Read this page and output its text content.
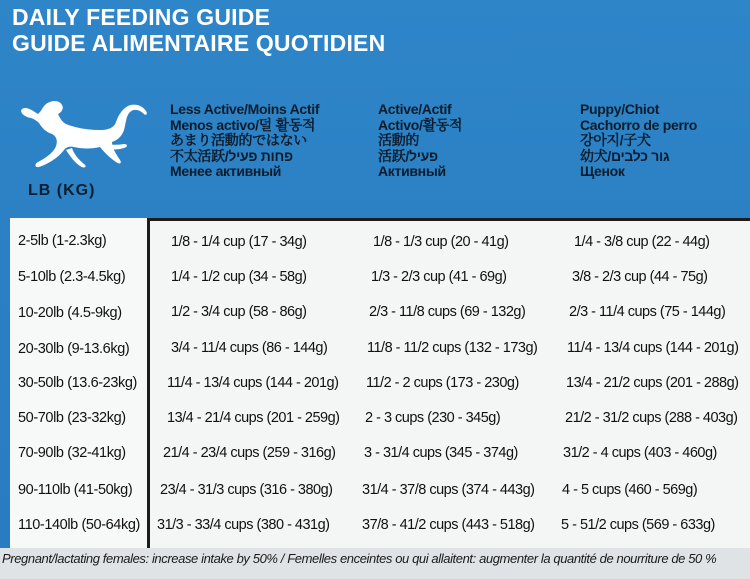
DAILY FEEDING GUIDE
GUIDE ALIMENTAIRE QUOTIDIEN
LB (KG)
Less Active/Moins Actif
Menos activo/덜 활동적
あまり活動的ではない
不太活跃/פחות פעיל
Менее активный
Active/Actif
Activo/활동적
活動的
活跃/פעיל
Активный
Puppy/Chiot
Cachorro de perro
강아지/子犬
幼犬/גור כלבים
Щенок
2-5lb (1-2.3kg)
5-10lb (2.3-4.5kg)
10-20lb (4.5-9kg)
20-30lb (9-13.6kg)
30-50lb (13.6-23kg)
50-70lb (23-32kg)
70-90lb (32-41kg)
90-110lb (41-50kg)
110-140lb (50-64kg)
1/8 - 1/4 cup (17 - 34g)
1/4 - 1/2 cup (34 - 58g)
1/2 - 3/4 cup (58 - 86g)
3/4 - 11/4 cups (86 - 144g)
11/4 - 13/4 cups (144 - 201g)
13/4 - 21/4 cups (201 - 259g)
21/4 - 23/4 cups (259 - 316g)
23/4 - 31/3 cups (316 - 380g)
31/3 - 33/4 cups (380 - 431g)
1/8 - 1/3 cup (20 - 41g)
1/3 - 2/3 cup (41 - 69g)
2/3 - 11/8 cups (69 - 132g)
11/8 - 11/2 cups (132 - 173g)
11/2 - 2 cups (173 - 230g)
2 - 3 cups (230 - 345g)
3 - 31/4 cups (345 - 374g)
31/4 - 37/8 cups (374 - 443g)
37/8 - 41/2 cups (443 - 518g)
1/4 - 3/8 cup (22 - 44g)
3/8 - 2/3 cup (44 - 75g)
2/3 - 11/4 cups (75 - 144g)
11/4 - 13/4 cups (144 - 201g)
13/4 - 21/2 cups (201 - 288g)
21/2 - 31/2 cups (288 - 403g)
31/2 - 4 cups (403 - 460g)
4 - 5 cups (460 - 569g)
5 - 51/2 cups (569 - 633g)
Pregnant/lactating females: increase intake by 50% / Femelles enceintes ou qui allaitent: augmenter la quantité de nourriture de 50 %
